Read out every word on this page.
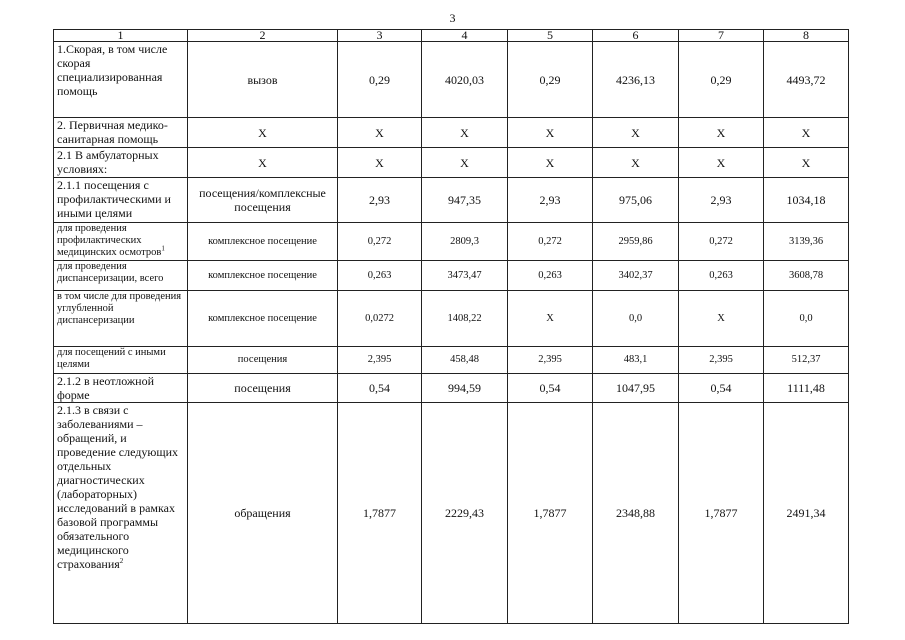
3
1	2	3	4	5	6	7	8
1.Скорая, в том числе скорая специализированная помощь	вызов	0,29	4020,03	0,29	4236,13	0,29	4493,72
2. Первичная медико-санитарная помощь	Х	Х	Х	Х	Х	Х	Х
2.1 В амбулаторных условиях:	Х	Х	Х	Х	Х	Х	Х
2.1.1 посещения с профилактическими и иными целями	посещения/комплексные посещения	2,93	947,35	2,93	975,06	2,93	1034,18
для проведения профилактических медицинских осмотров$^1$	комплексное посещение	0,272	2809,3	0,272	2959,86	0,272	3139,36
для проведения диспансеризации, всего	комплексное посещение	0,263	3473,47	0,263	3402,37	0,263	3608,78
в том числе для проведения углубленной диспансеризации	комплексное посещение	0,0272	1408,22	Х	0,0	Х	0,0
для посещений с иными целями	посещения	2,395	458,48	2,395	483,1	2,395	512,37
2.1.2 в неотложной форме	посещения	0,54	994,59	0,54	1047,95	0,54	1111,48
2.1.3 в связи с заболеваниями – обращений, и проведение следующих отдельных диагностических (лабораторных) исследований в рамках базовой программы обязательного медицинского страхования$^2$	обращения	1,7877	2229,43	1,7877	2348,88	1,7877	2491,34
